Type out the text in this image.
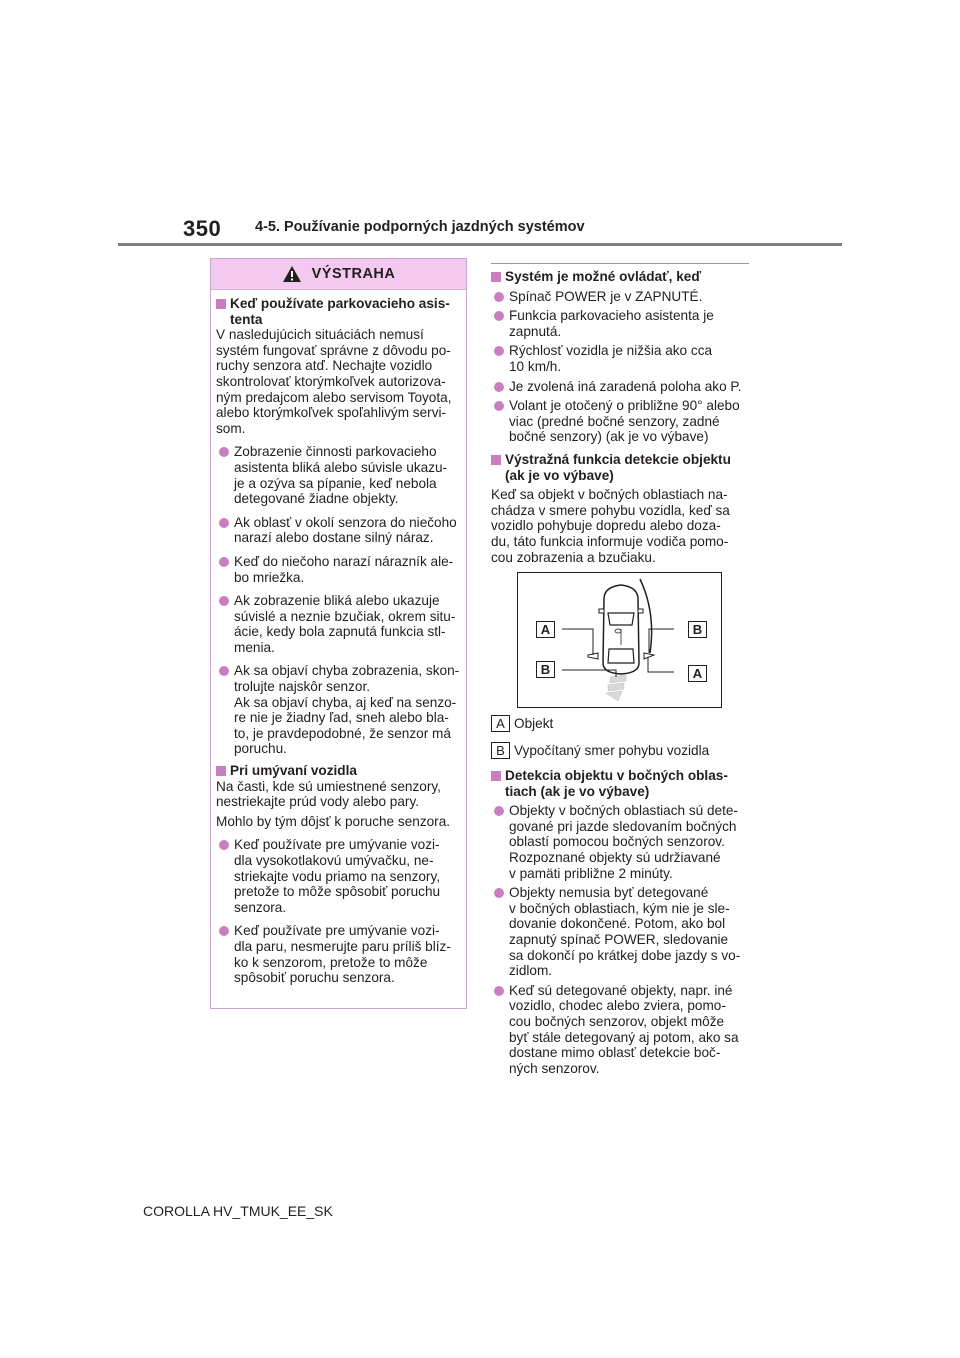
350 4-5. Používanie podporných jazdných systémov
VÝSTRAHA
Keď používate parkovacieho asis-
tenta

V nasledujúcich situáciách nemusí
systém fungovať správne z dôvodu po-
ruchy senzora atď. Nechajte vozidlo
skontrolovať ktorýmkoľvek autorizova-
ným predajcom alebo servisom Toyota,
alebo ktorýmkoľvek spoľahlivým servi-
som.

Zobrazenie činnosti parkovacieho
asistenta bliká alebo súvisle ukazu-
je a ozýva sa pípanie, keď nebola
detegované žiadne objekty.
Ak oblasť v okolí senzora do niečoho
narazí alebo dostane silný náraz.
Keď do niečoho narazí nárazník ale-
bo mriežka.
Ak zobrazenie bliká alebo ukazuje
súvislé a neznie bzučiak, okrem situ-
ácie, kedy bola zapnutá funkcia stl-
menia.
Ak sa objaví chyba zobrazenia, skon-
trolujte najskôr senzor.
Ak sa objaví chyba, aj keď na senzo-
re nie je žiadny ľad, sneh alebo bla-
to, je pravdepodobné, že senzor má
poruchu.
Pri umývaní vozidla

Na časti, kde sú umiestnené senzory,
nestriekajte prúd vody alebo pary.

Mohlo by tým dôjsť k poruche senzora.

Keď používate pre umývanie vozi-
dla vysokotlakovú umývačku, ne-
striekajte vodu priamo na senzory,
pretože to môže spôsobiť poruchu
senzora.
Keď používate pre umývanie vozi-
dla paru, nesmerujte paru príliš blíz-
ko k senzorom, pretože to môže
spôsobiť poruchu senzora.
Systém je možné ovládať, keď
Spínač POWER je v ZAPNUTÉ.
Funkcia parkovacieho asistenta je
zapnutá.
Rýchlosť vozidla je nižšia ako cca
10 km/h.
Je zvolená iná zaradená poloha ako P.
Volant je otočený o približne 90° alebo
viac (predné bočné senzory, zadné
bočné senzory) (ak je vo výbave)
Výstražná funkcia detekcie objektu
(ak je vo výbave)

Keď sa objekt v bočných oblastiach na-
chádza v smere pohybu vozidla, keď sa
vozidlo pohybuje dopredu alebo doza-
du, táto funkcia informuje vodiča pomo-
cou zobrazenia a bzučiaku.

A	B
B	A
A Objekt
B Vypočítaný smer pohybu vozidla
Detekcia objektu v bočných oblas-
tiach (ak je vo výbave)
Objekty v bočných oblastiach sú dete-
gované pri jazde sledovaním bočných
oblastí pomocou bočných senzorov.
Rozpoznané objekty sú udržiavané
v pamäti približne 2 minúty.
Objekty nemusia byť detegované
v bočných oblastiach, kým nie je sle-
dovanie dokončené. Potom, ako bol
zapnutý spínač POWER, sledovanie
sa dokončí po krátkej dobe jazdy s vo-
zidlom.
Keď sú detegované objekty, napr. iné
vozidlo, chodec alebo zviera, pomo-
cou bočných senzorov, objekt môže
byť stále detegovaný aj potom, ako sa
dostane mimo oblasť detekcie boč-
ných senzorov.
COROLLA HV_TMUK_EE_SK
